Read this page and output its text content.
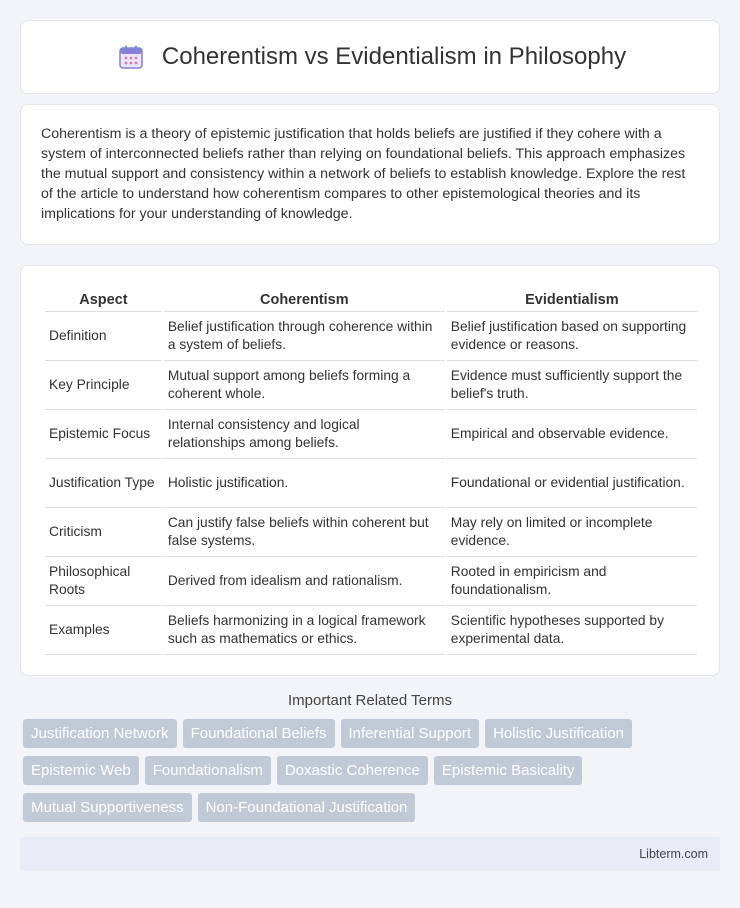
Coherentism vs Evidentialism in Philosophy

Coherentism is a theory of epistemic justification that holds beliefs are justified if they cohere with a system of interconnected beliefs rather than relying on foundational beliefs. This approach emphasizes the mutual support and consistency within a network of beliefs to establish knowledge. Explore the rest of the article to understand how coherentism compares to other epistemological theories and its implications for your understanding of knowledge.

Aspect	Coherentism	Evidentialism
Definition	Belief justification through coherence within a system of beliefs.	Belief justification based on supporting evidence or reasons.
Key Principle	Mutual support among beliefs forming a coherent whole.	Evidence must sufficiently support the belief's truth.
Epistemic Focus	Internal consistency and logical relationships among beliefs.	Empirical and observable evidence.
Justification Type	Holistic justification.	Foundational or evidential justification.
Criticism	Can justify false beliefs within coherent but false systems.	May rely on limited or incomplete evidence.
Philosophical Roots	Derived from idealism and rationalism.	Rooted in empiricism and foundationalism.
Examples	Beliefs harmonizing in a logical framework such as mathematics or ethics.	Scientific hypotheses supported by experimental data.
Important Related Terms
Justification Network	Foundational Beliefs	Inferential Support	Holistic Justification
Epistemic Web	Foundationalism	Doxastic Coherence	Epistemic Basicality
Mutual Supportiveness	Non-Foundational Justification
Libterm.com
